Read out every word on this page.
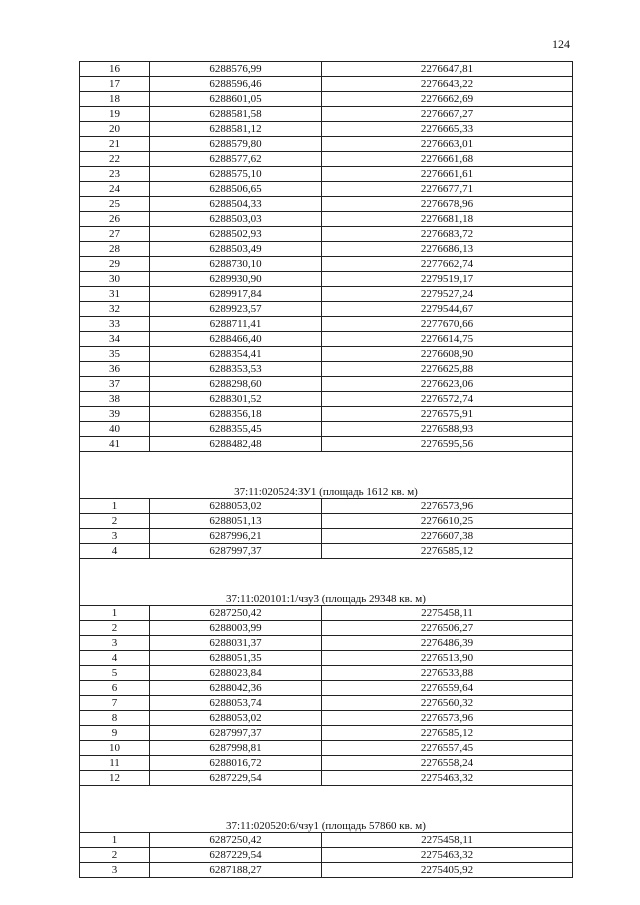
124
16	6288576,99	2276647,81
17	6288596,46	2276643,22
18	6288601,05	2276662,69
19	6288581,58	2276667,27
20	6288581,12	2276665,33
21	6288579,80	2276663,01
22	6288577,62	2276661,68
23	6288575,10	2276661,61
24	6288506,65	2276677,71
25	6288504,33	2276678,96
26	6288503,03	2276681,18
27	6288502,93	2276683,72
28	6288503,49	2276686,13
29	6288730,10	2277662,74
30	6289930,90	2279519,17
31	6289917,84	2279527,24
32	6289923,57	2279544,67
33	6288711,41	2277670,66
34	6288466,40	2276614,75
35	6288354,41	2276608,90
36	6288353,53	2276625,88
37	6288298,60	2276623,06
38	6288301,52	2276572,74
39	6288356,18	2276575,91
40	6288355,45	2276588,93
41	6288482,48	2276595,56
37:11:020524:ЗУ1 (площадь 1612 кв. м)		
1	6288053,02	2276573,96
2	6288051,13	2276610,25
3	6287996,21	2276607,38
4	6287997,37	2276585,12
37:11:020101:1/чзу3 (площадь 29348 кв. м)		
1	6287250,42	2275458,11
2	6288003,99	2276506,27
3	6288031,37	2276486,39
4	6288051,35	2276513,90
5	6288023,84	2276533,88
6	6288042,36	2276559,64
7	6288053,74	2276560,32
8	6288053,02	2276573,96
9	6287997,37	2276585,12
10	6287998,81	2276557,45
11	6288016,72	2276558,24
12	6287229,54	2275463,32
37:11:020520:6/чзу1 (площадь 57860 кв. м)		
1	6287250,42	2275458,11
2	6287229,54	2275463,32
3	6287188,27	2275405,92
